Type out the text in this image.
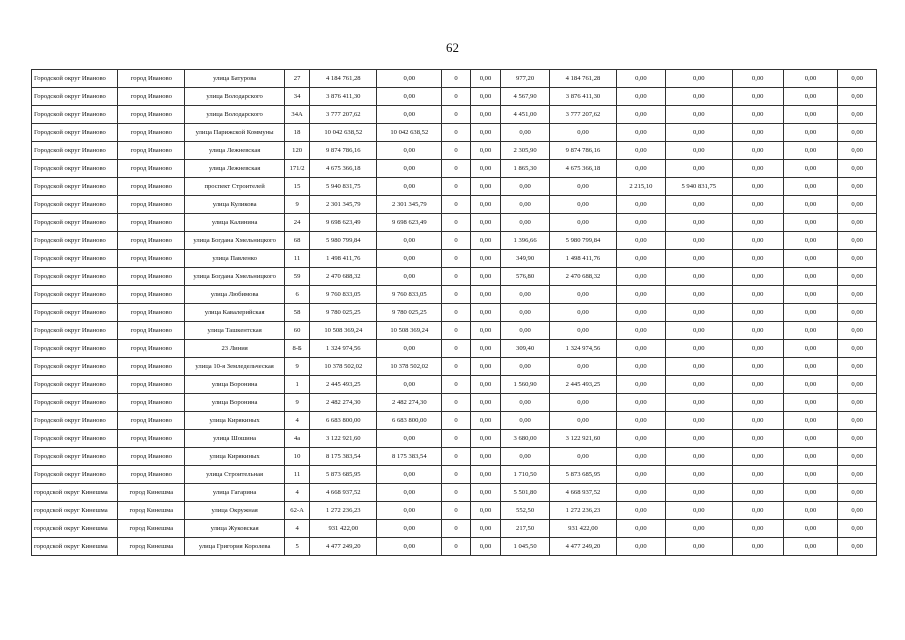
62
Городской округ Иваново	город Иваново	улица Батурова	27	4 184 761,28	0,00	0	0,00	977,20	4 184 761,28	0,00	0,00	0,00	0,00	0,00
Городской округ Иваново	город Иваново	улица Володарского	34	3 876 411,30	0,00	0	0,00	4 567,90	3 876 411,30	0,00	0,00	0,00	0,00	0,00
Городской округ Иваново	город Иваново	улица Володарского	34А	3 777 207,62	0,00	0	0,00	4 451,00	3 777 207,62	0,00	0,00	0,00	0,00	0,00
Городской округ Иваново	город Иваново	улица Парижской Коммуны	18	10 042 638,52	10 042 638,52	0	0,00	0,00	0,00	0,00	0,00	0,00	0,00	0,00
Городской округ Иваново	город Иваново	улица Лежневская	120	9 874 786,16	0,00	0	0,00	2 305,90	9 874 786,16	0,00	0,00	0,00	0,00	0,00
Городской округ Иваново	город Иваново	улица Лежневская	171/2	4 675 366,18	0,00	0	0,00	1 865,30	4 675 366,18	0,00	0,00	0,00	0,00	0,00
Городской округ Иваново	город Иваново	проспект Строителей	15	5 940 831,75	0,00	0	0,00	0,00	0,00	2 215,10	5 940 831,75	0,00	0,00	0,00
Городской округ Иваново	город Иваново	улица Куликова	9	2 301 345,79	2 301 345,79	0	0,00	0,00	0,00	0,00	0,00	0,00	0,00	0,00
Городской округ Иваново	город Иваново	улица Калинина	24	9 698 623,49	9 698 623,49	0	0,00	0,00	0,00	0,00	0,00	0,00	0,00	0,00
Городской округ Иваново	город Иваново	улица Богдана Хмельницкого	68	5 980 799,84	0,00	0	0,00	1 396,66	5 980 799,84	0,00	0,00	0,00	0,00	0,00
Городской округ Иваново	город Иваново	улица Павленко	11	1 498 411,76	0,00	0	0,00	349,90	1 498 411,76	0,00	0,00	0,00	0,00	0,00
Городской округ Иваново	город Иваново	улица Богдана Хмельницкого	59	2 470 688,32	0,00	0	0,00	576,80	2 470 688,32	0,00	0,00	0,00	0,00	0,00
Городской округ Иваново	город Иваново	улица Любимова	6	9 760 833,05	9 760 833,05	0	0,00	0,00	0,00	0,00	0,00	0,00	0,00	0,00
Городской округ Иваново	город Иваново	улица Кавалерийская	58	9 780 025,25	9 780 025,25	0	0,00	0,00	0,00	0,00	0,00	0,00	0,00	0,00
Городской округ Иваново	город Иваново	улица Ташкентская	60	10 508 369,24	10 508 369,24	0	0,00	0,00	0,00	0,00	0,00	0,00	0,00	0,00
Городской округ Иваново	город Иваново	23 Линия	8-Б	1 324 974,56	0,00	0	0,00	309,40	1 324 974,56	0,00	0,00	0,00	0,00	0,00
Городской округ Иваново	город Иваново	улица 10-я Земледельческая	9	10 378 502,02	10 378 502,02	0	0,00	0,00	0,00	0,00	0,00	0,00	0,00	0,00
Городской округ Иваново	город Иваново	улица Воронина	1	2 445 493,25	0,00	0	0,00	1 560,90	2 445 493,25	0,00	0,00	0,00	0,00	0,00
Городской округ Иваново	город Иваново	улица Воронина	9	2 482 274,30	2 482 274,30	0	0,00	0,00	0,00	0,00	0,00	0,00	0,00	0,00
Городской округ Иваново	город Иваново	улица Кирякиных	4	6 683 800,00	6 683 800,00	0	0,00	0,00	0,00	0,00	0,00	0,00	0,00	0,00
Городской округ Иваново	город Иваново	улица Шошина	4а	3 122 921,60	0,00	0	0,00	3 680,00	3 122 921,60	0,00	0,00	0,00	0,00	0,00
Городской округ Иваново	город Иваново	улица Кирякиных	10	8 175 383,54	8 175 383,54	0	0,00	0,00	0,00	0,00	0,00	0,00	0,00	0,00
Городской округ Иваново	город Иваново	улица Строительная	11	5 873 685,95	0,00	0	0,00	1 710,50	5 873 685,95	0,00	0,00	0,00	0,00	0,00
городской округ Кинешма	город Кинешма	улица Гагарина	4	4 668 937,52	0,00	0	0,00	5 501,80	4 668 937,52	0,00	0,00	0,00	0,00	0,00
городской округ Кинешма	город Кинешма	улица Окружная	62-А	1 272 236,23	0,00	0	0,00	552,50	1 272 236,23	0,00	0,00	0,00	0,00	0,00
городской округ Кинешма	город Кинешма	улица Жуковская	4	931 422,00	0,00	0	0,00	217,50	931 422,00	0,00	0,00	0,00	0,00	0,00
городской округ Кинешма	город Кинешма	улица Григория Королева	5	4 477 249,20	0,00	0	0,00	1 045,50	4 477 249,20	0,00	0,00	0,00	0,00	0,00
